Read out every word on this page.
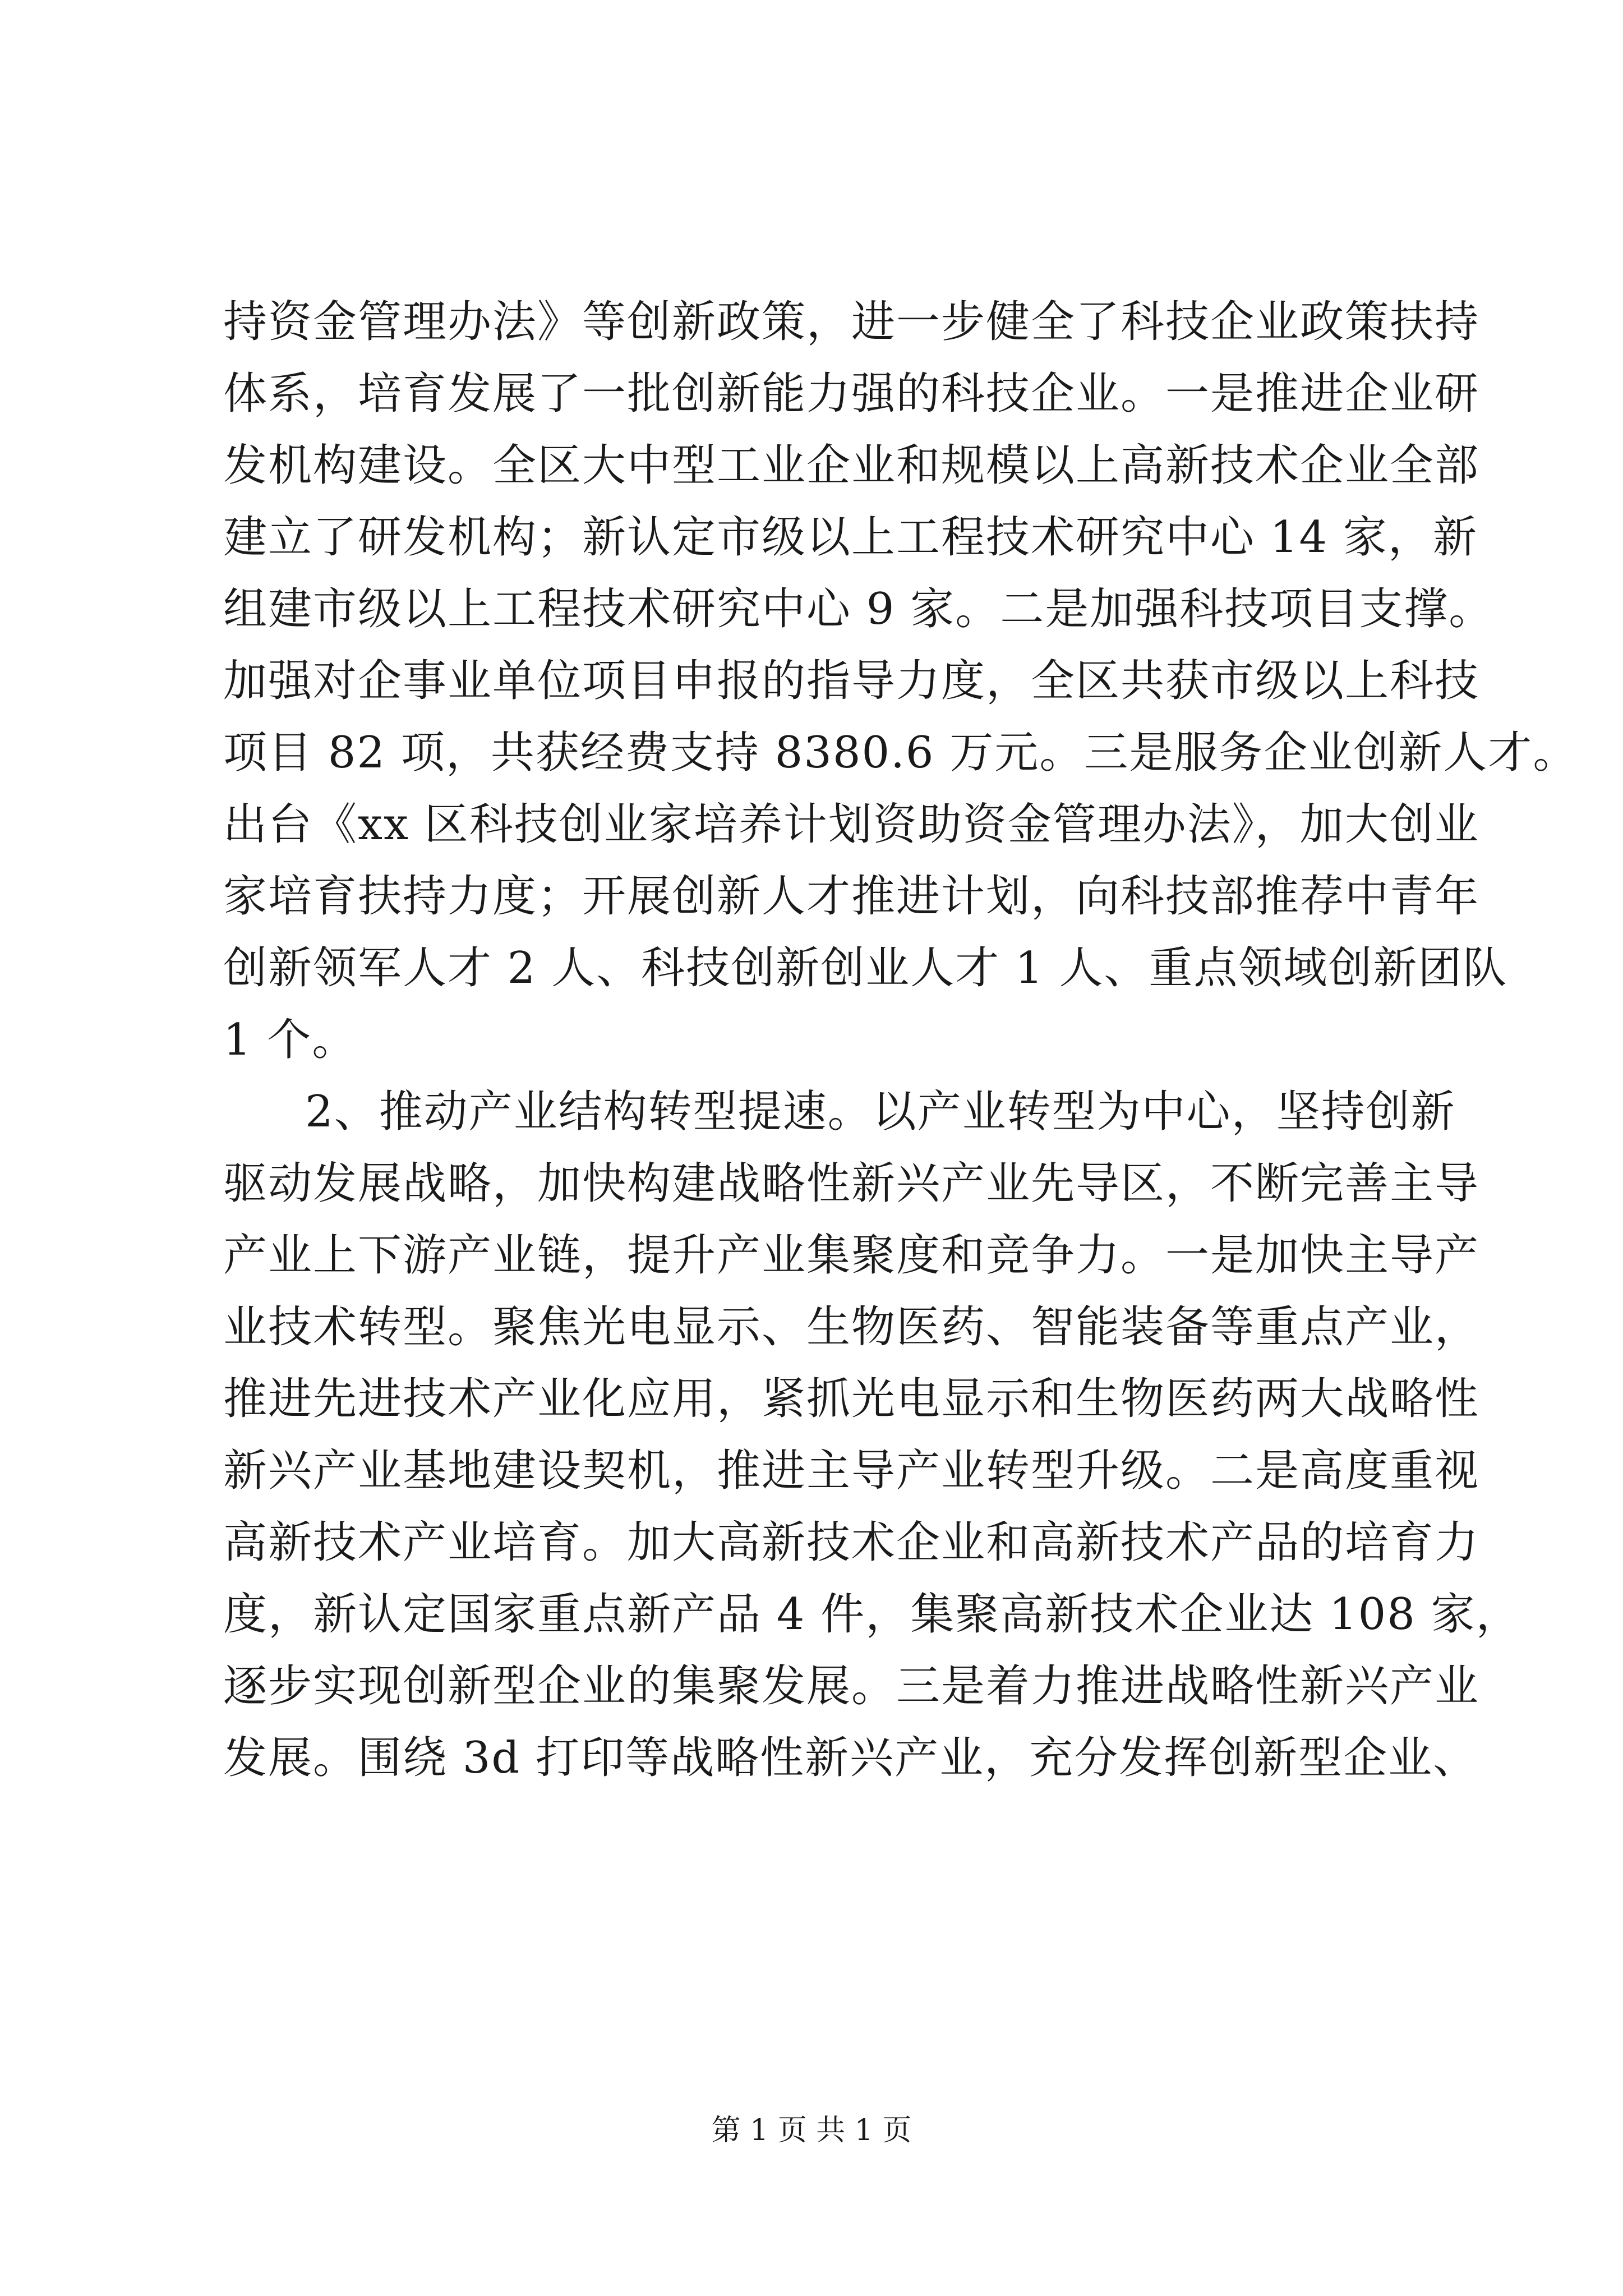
持资金管理办法》等创新政策，进一步健全了科技企业政策扶持
体系，培育发展了一批创新能力强的科技企业。一是推进企业研
发机构建设。全区大中型工业企业和规模以上高新技术企业全部
建立了研发机构；新认定市级以上工程技术研究中心 14 家，新
组建市级以上工程技术研究中心 9 家。二是加强科技项目支撑。
加强对企事业单位项目申报的指导力度，全区共获市级以上科技
项目 82 项，共获经费支持 8380.6 万元。三是服务企业创新人才。
出台《xx 区科技创业家培养计划资助资金管理办法》，加大创业
家培育扶持力度；开展创新人才推进计划，向科技部推荐中青年
创新领军人才 2 人、科技创新创业人才 1 人、重点领域创新团队
1 个。
2、推动产业结构转型提速。以产业转型为中心，坚持创新
驱动发展战略，加快构建战略性新兴产业先导区，不断完善主导
产业上下游产业链，提升产业集聚度和竞争力。一是加快主导产
业技术转型。聚焦光电显示、生物医药、智能装备等重点产业，
推进先进技术产业化应用，紧抓光电显示和生物医药两大战略性
新兴产业基地建设契机，推进主导产业转型升级。二是高度重视
高新技术产业培育。加大高新技术企业和高新技术产品的培育力
度，新认定国家重点新产品 4 件，集聚高新技术企业达 108 家，
逐步实现创新型企业的集聚发展。三是着力推进战略性新兴产业
发展。围绕 3d 打印等战略性新兴产业，充分发挥创新型企业、
第 1 页 共 1 页
